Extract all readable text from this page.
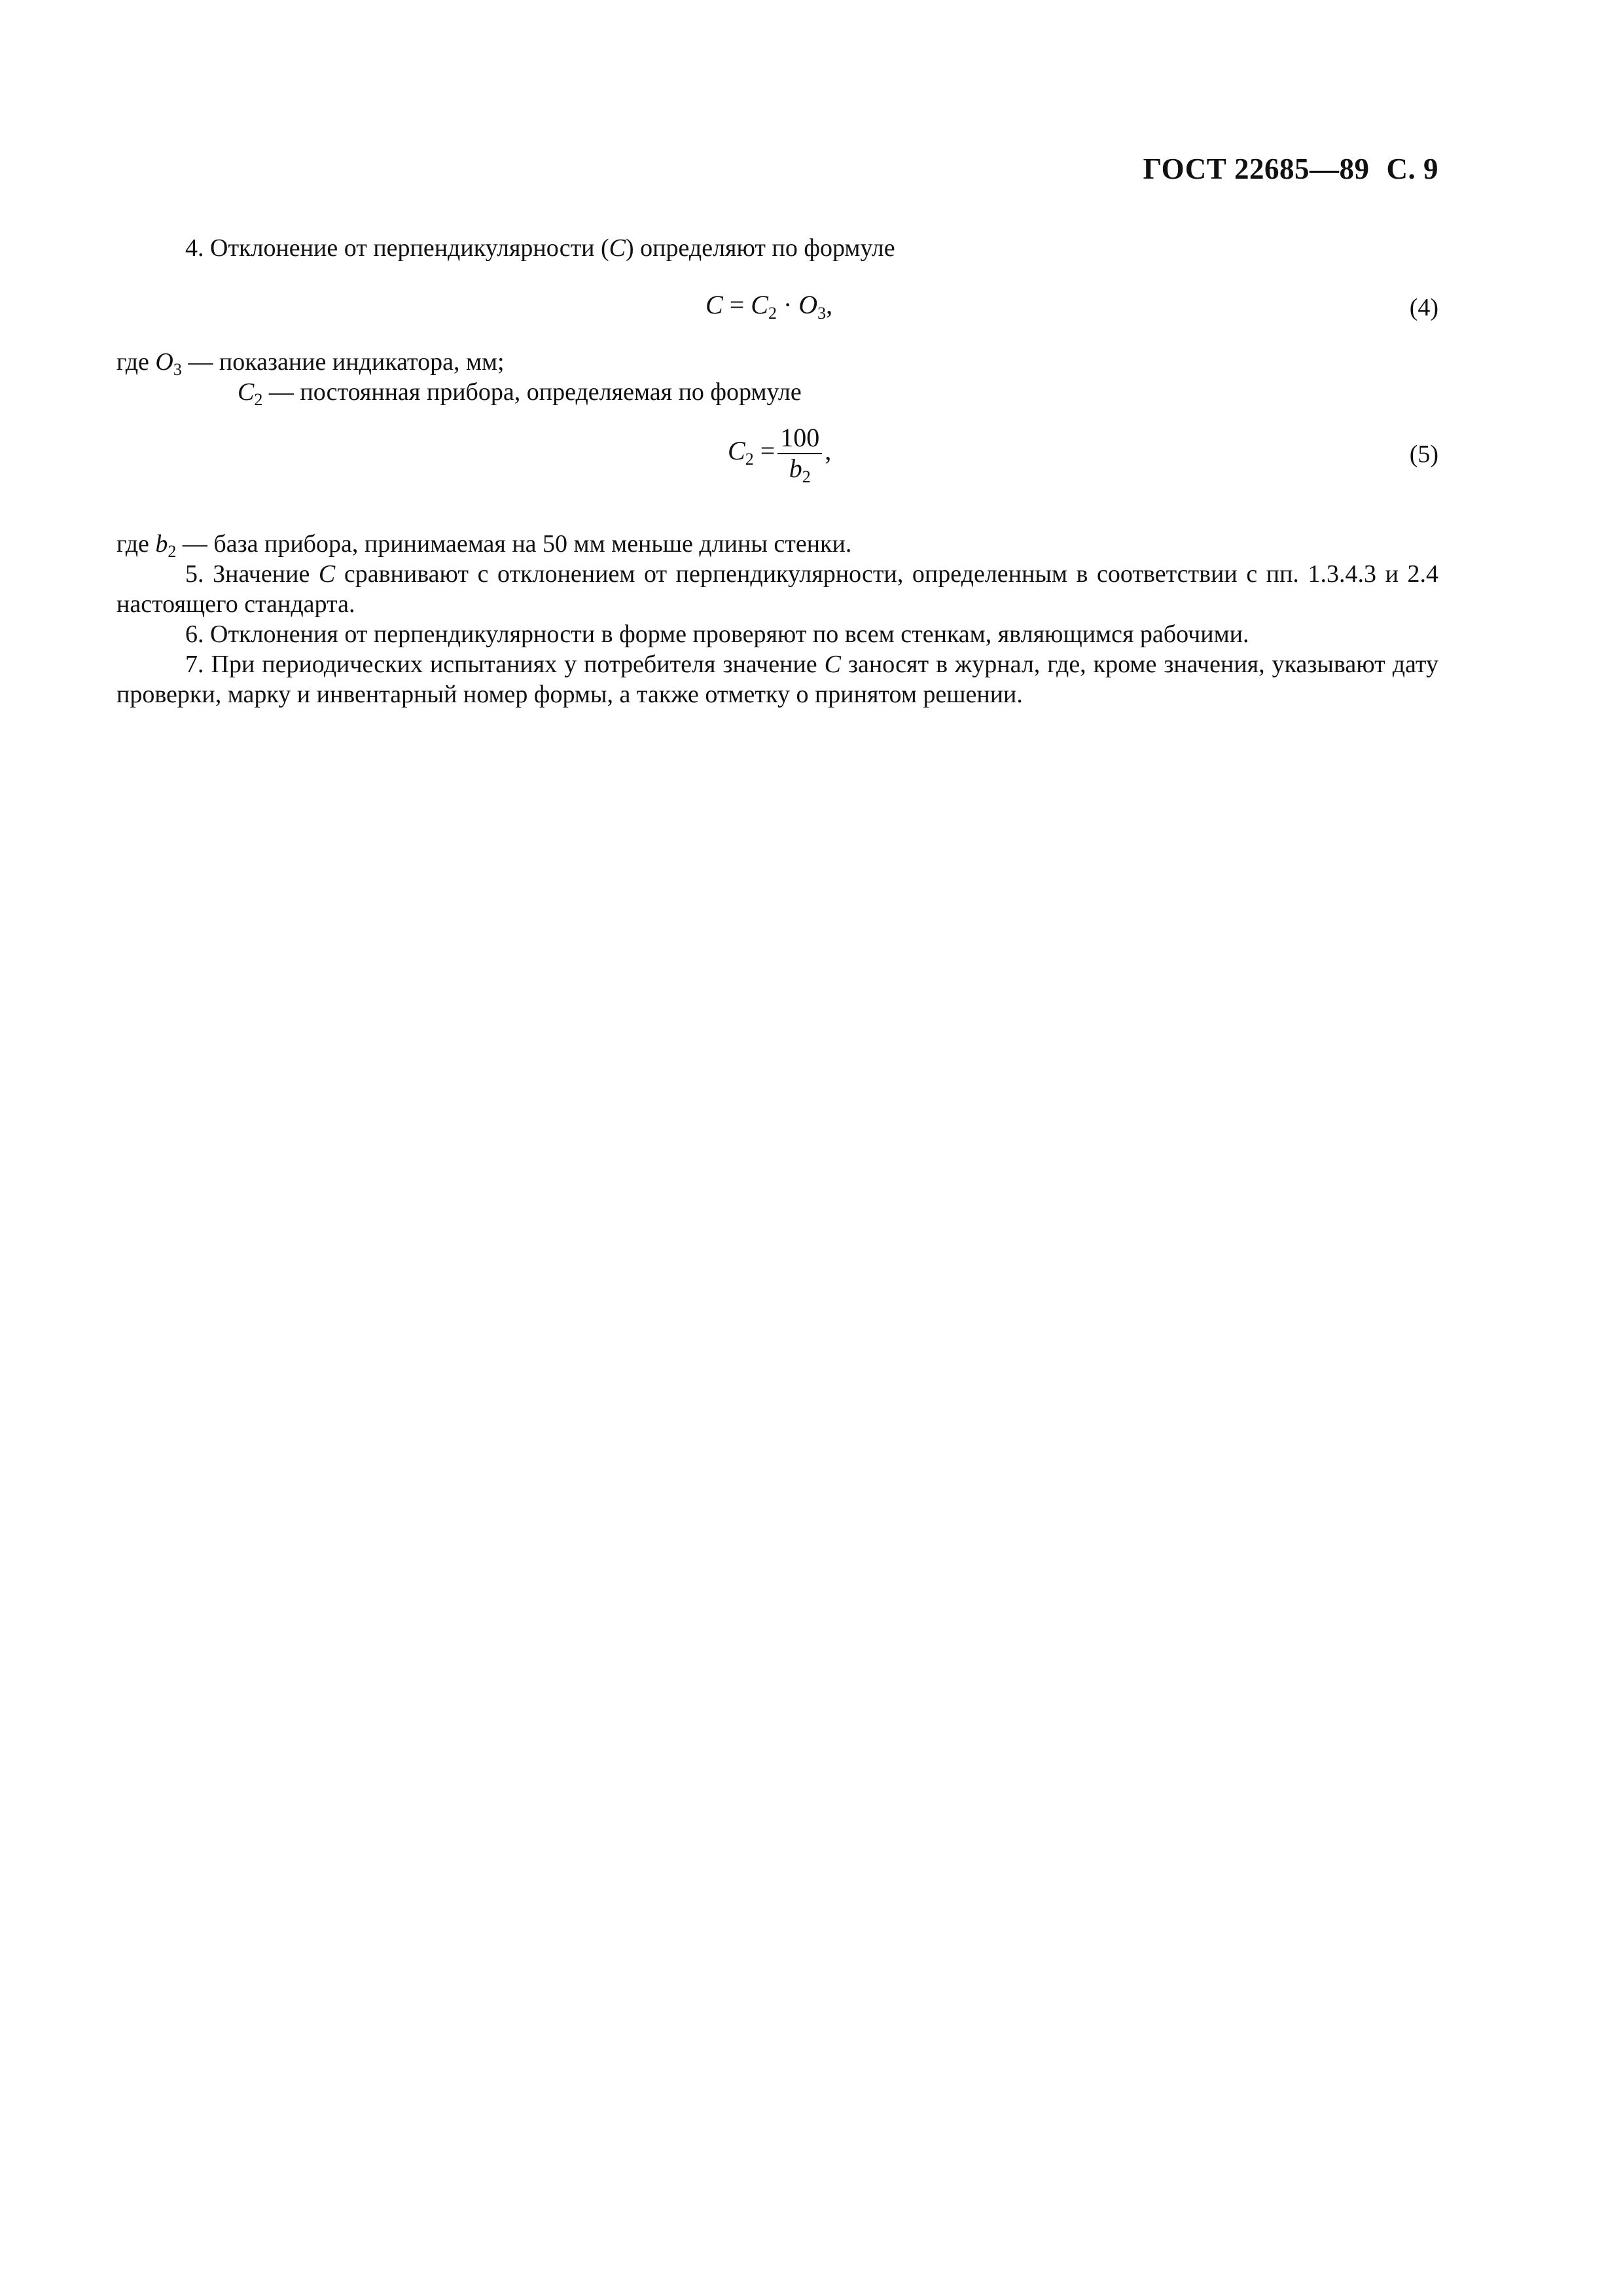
ГОСТ 22685—89 С. 9

4. Отклонение от перпендикулярности (С) определяют по формуле

$С = С_2 \cdot О_3$,	(4)

где $О_3$ — показание индикатора, мм;

$С_2$ — постоянная прибора, определяемая по формуле

$С_2 = \frac{100}{b_2}$ ,	(5)

где $b_2$ — база прибора, принимаемая на 50 мм меньше длины стенки.

5. Значение С сравнивают с отклонением от перпендикулярности, определенным в соответствии с пп. 1.3.4.3 и 2.4 настоящего стандарта.

6. Отклонения от перпендикулярности в форме проверяют по всем стенкам, являющимся рабочими.

7. При периодических испытаниях у потребителя значение С заносят в журнал, где, кроме значения, указывают дату проверки, марку и инвентарный номер формы, а также отметку о принятом решении.
